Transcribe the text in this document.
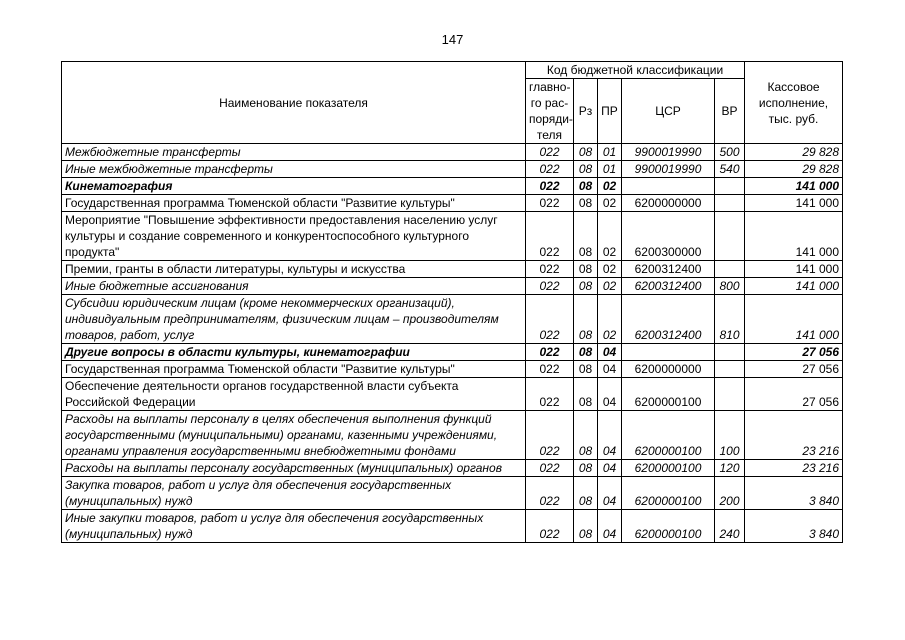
147
Наименование показателя	Код бюджетной классификации					Кассовое исполнение, тыс. руб.
	главно-го рас-поряди-теля	Рз	ПР	ЦСР	ВР	
Межбюджетные трансферты	022	08	01	9900019990	500	29 828
Иные межбюджетные трансферты	022	08	01	9900019990	540	29 828
Кинематография	022	08	02			141 000
Государственная программа Тюменской области "Развитие культуры"	022	08	02	6200000000		141 000
Мероприятие "Повышение эффективности предоставления населению услуг культуры и создание современного и конкурентоспособного культурного продукта"	022	08	02	6200300000		141 000
Премии, гранты в области литературы, культуры и искусства	022	08	02	6200312400		141 000
Иные бюджетные ассигнования	022	08	02	6200312400	800	141 000
Субсидии юридическим лицам (кроме некоммерческих организаций), индивидуальным предпринимателям, физическим лицам – производителям товаров, работ, услуг	022	08	02	6200312400	810	141 000
Другие вопросы в области культуры, кинематографии	022	08	04			27 056
Государственная программа Тюменской области "Развитие культуры"	022	08	04	6200000000		27 056
Обеспечение деятельности органов государственной власти субъекта Российской Федерации	022	08	04	6200000100		27 056
Расходы на выплаты персоналу в целях обеспечения выполнения функций государственными (муниципальными) органами, казенными учреждениями, органами управления государственными внебюджетными фондами	022	08	04	6200000100	100	23 216
Расходы на выплаты персоналу государственных (муниципальных) органов	022	08	04	6200000100	120	23 216
Закупка товаров, работ и услуг для обеспечения государственных (муниципальных) нужд	022	08	04	6200000100	200	3 840
Иные закупки товаров, работ и услуг для обеспечения государственных (муниципальных) нужд	022	08	04	6200000100	240	3 840
